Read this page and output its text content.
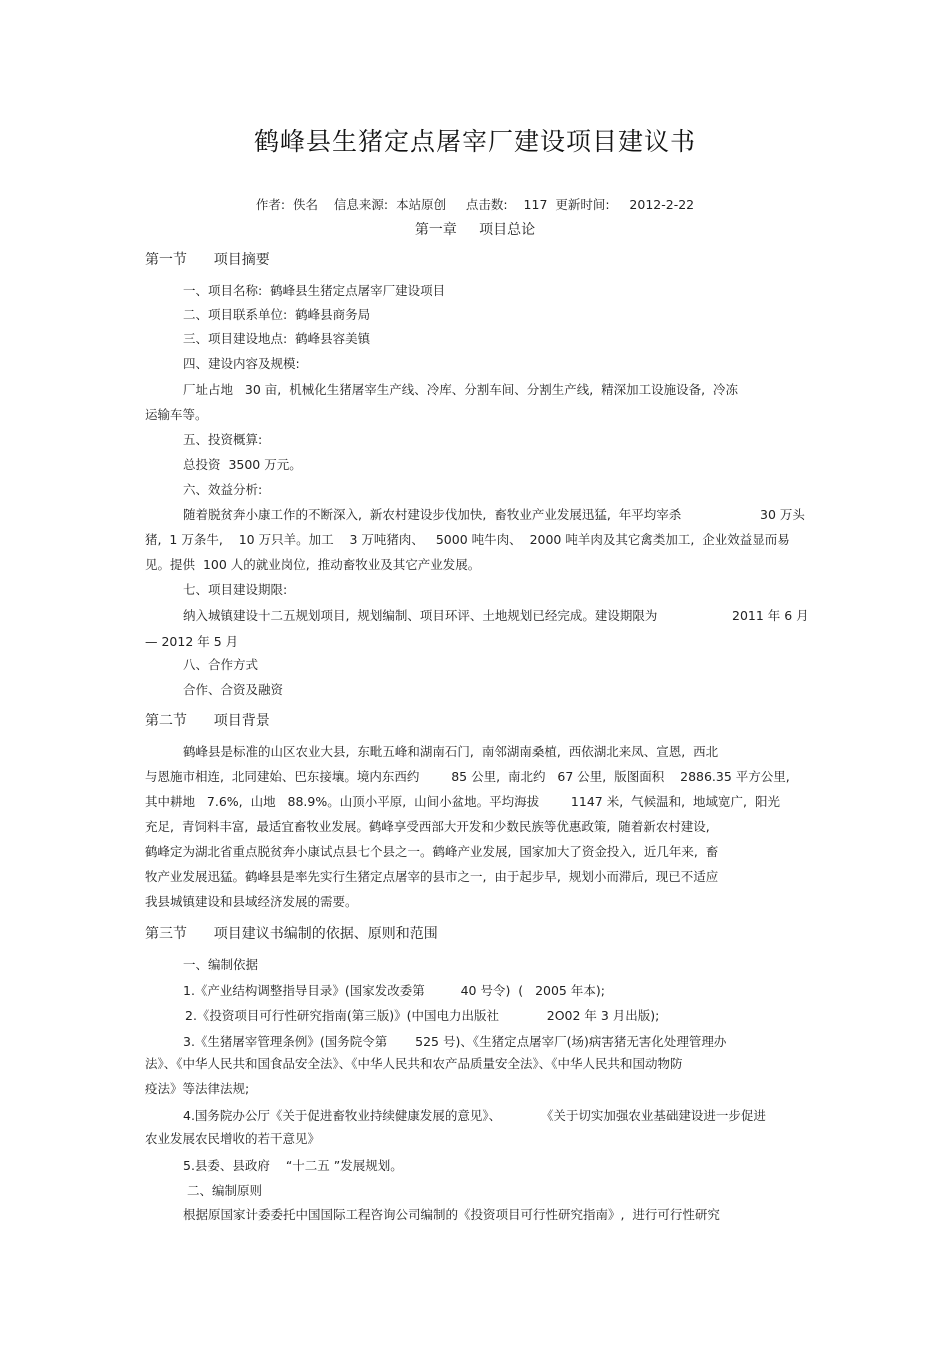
鹤峰县生猪定点屠宰厂建设项目建议书
作者:  佚名    信息来源:  本站原创     点击数:    117  更新时间:     2012-2-22
第一章     项目总论
第一节      项目摘要
一、项目名称:  鹤峰县生猪定点屠宰厂建设项目
二、项目联系单位:  鹤峰县商务局
三、项目建设地点:  鹤峰县容美镇
四、建设内容及规模:
厂址占地   30 亩,  机械化生猪屠宰生产线、冷库、分割车间、分割生产线,  精深加工设施设备,  冷冻
运输车等。
五、投资概算:
总投资  3500 万元。
六、效益分析:
随着脱贫奔小康工作的不断深入,  新农村建设步伐加快,  畜牧业产业发展迅猛,  年平均宰杀	30 万头
猪,  1 万条牛,    10 万只羊。加工    3 万吨猪肉、   5000 吨牛肉、  2000 吨羊肉及其它禽类加工,  企业效益显而易
见。提供  100 人的就业岗位,  推动畜牧业及其它产业发展。
七、项目建设期限:
纳入城镇建设十二五规划项目,  规划编制、项目环评、土地规划已经完成。建设期限为	2011 年 6 月
— 2012 年 5 月
八、合作方式
合作、合资及融资
第二节      项目背景
鹤峰县是标准的山区农业大县,  东毗五峰和湖南石门,  南邻湖南桑植,  西依湖北来凤、宣恩,  西北
与恩施市相连,  北同建始、巴东接壤。境内东西约        85 公里,  南北约   67 公里,  版图面积    2886.35 平方公里,
其中耕地   7.6%,  山地   88.9%。山顶小平原,  山间小盆地。平均海拔        1147 米,  气候温和,  地域宽广,  阳光
充足,  青饲料丰富,  最适宜畜牧业发展。鹤峰享受西部大开发和少数民族等优惠政策,  随着新农村建设,
鹤峰定为湖北省重点脱贫奔小康试点县七个县之一。鹤峰产业发展,  国家加大了资金投入,  近几年来,  畜
牧产业发展迅猛。鹤峰县是率先实行生猪定点屠宰的县市之一,  由于起步早,  规划小而滞后,  现已不适应
我县城镇建设和县域经济发展的需要。
第三节      项目建议书编制的依据、原则和范围
一、编制依据
1.《产业结构调整指导目录》(国家发改委第         40 号令)  (   2005 年本);
2.《投资项目可行性研究指南(第三版)》(中国电力出版社            2O02 年 3 月出版);
3.《生猪屠宰管理条例》(国务院令第       525 号)、《生猪定点屠宰厂(场)病害猪无害化处理管理办
法》、《中华人民共和国食品安全法》、《中华人民共和农产品质量安全法》、《中华人民共和国动物防
疫法》等法律法规;
4.国务院办公厅《关于促进畜牧业持续健康发展的意见》、          《关于切实加强农业基础建设进一步促进
农业发展农民增收的若干意见》
5.县委、县政府    “十二五 ”发展规划。
二、编制原则
根据原国家计委委托中国国际工程咨询公司编制的《投资项目可行性研究指南》,  进行可行性研究
